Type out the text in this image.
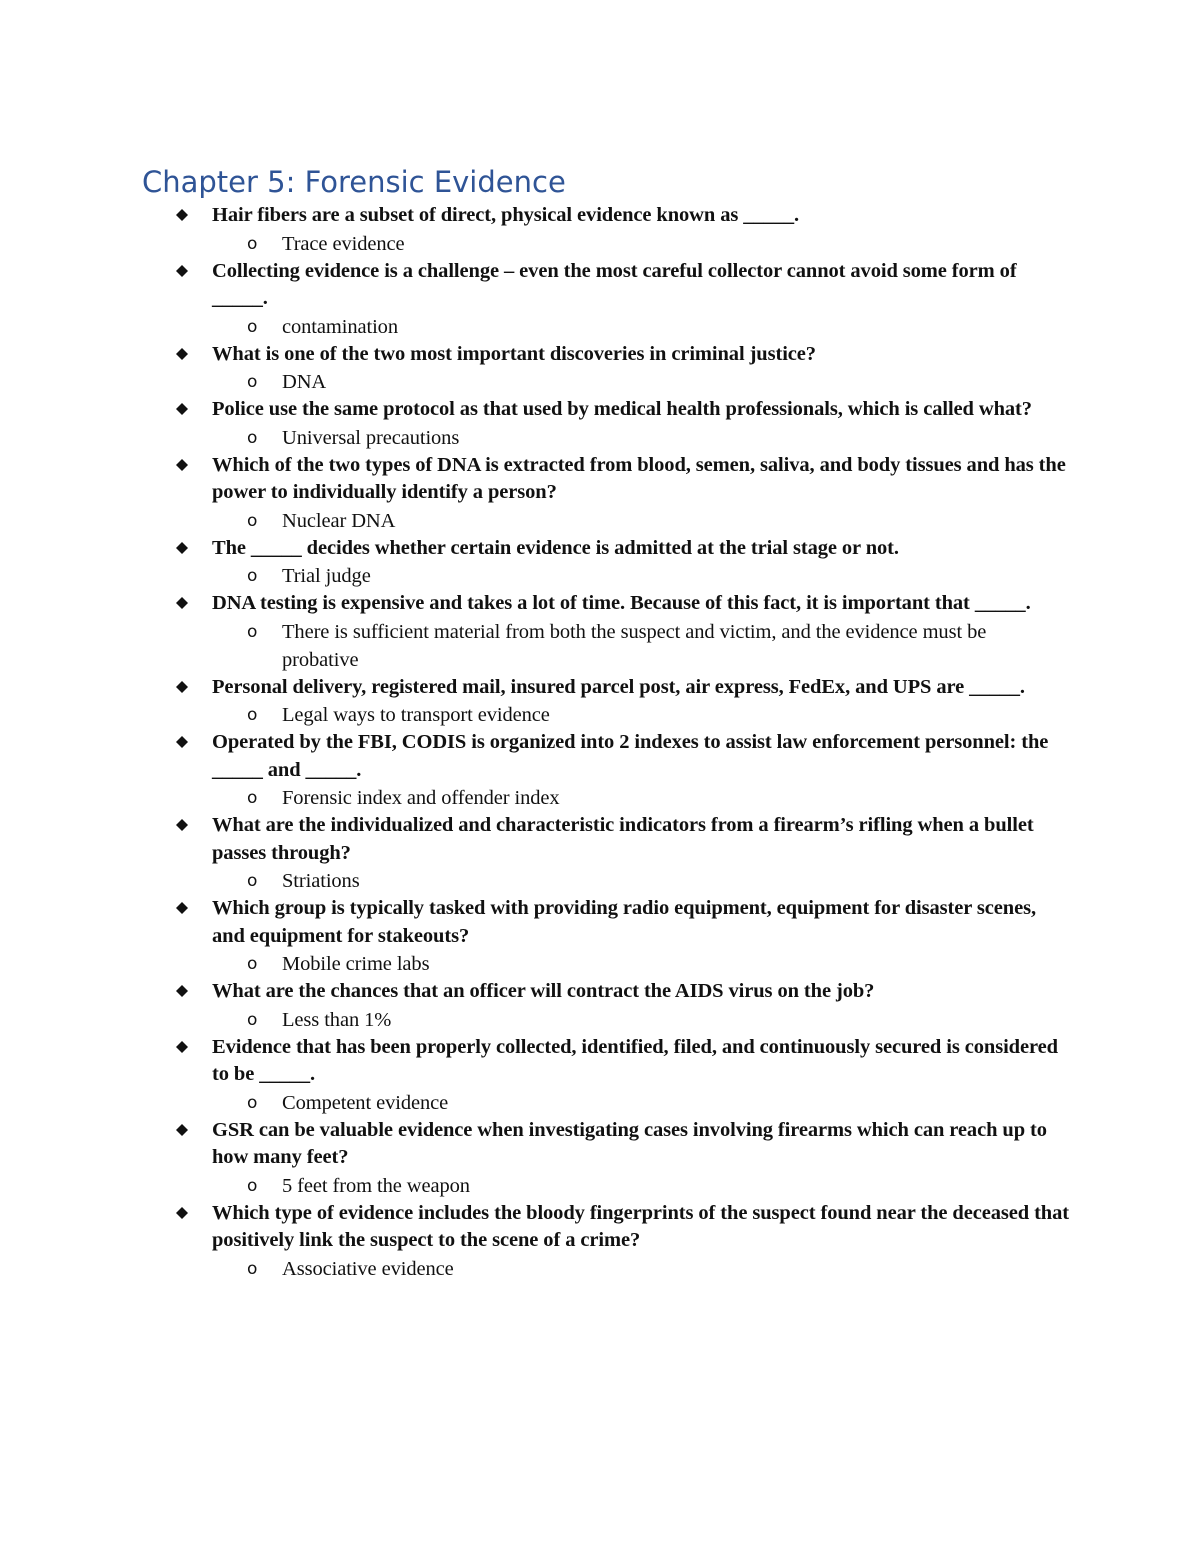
Chapter 5: Forensic Evidence
Hair fibers are a subset of direct, physical evidence known as _____.
o Trace evidence
Collecting evidence is a challenge – even the most careful collector cannot avoid some form of _____.
o contamination
What is one of the two most important discoveries in criminal justice?
o DNA
Police use the same protocol as that used by medical health professionals, which is called what?
o Universal precautions
Which of the two types of DNA is extracted from blood, semen, saliva, and body tissues and has the power to individually identify a person?
o Nuclear DNA
The _____ decides whether certain evidence is admitted at the trial stage or not.
o Trial judge
DNA testing is expensive and takes a lot of time. Because of this fact, it is important that _____.
o There is sufficient material from both the suspect and victim, and the evidence must be probative
Personal delivery, registered mail, insured parcel post, air express, FedEx, and UPS are _____.
o Legal ways to transport evidence
Operated by the FBI, CODIS is organized into 2 indexes to assist law enforcement personnel: the _____ and _____.
o Forensic index and offender index
What are the individualized and characteristic indicators from a firearm’s rifling when a bullet passes through?
o Striations
Which group is typically tasked with providing radio equipment, equipment for disaster scenes, and equipment for stakeouts?
o Mobile crime labs
What are the chances that an officer will contract the AIDS virus on the job?
o Less than 1%
Evidence that has been properly collected, identified, filed, and continuously secured is considered to be _____.
o Competent evidence
GSR can be valuable evidence when investigating cases involving firearms which can reach up to how many feet?
o 5 feet from the weapon
Which type of evidence includes the bloody fingerprints of the suspect found near the deceased that positively link the suspect to the scene of a crime?
o Associative evidence
